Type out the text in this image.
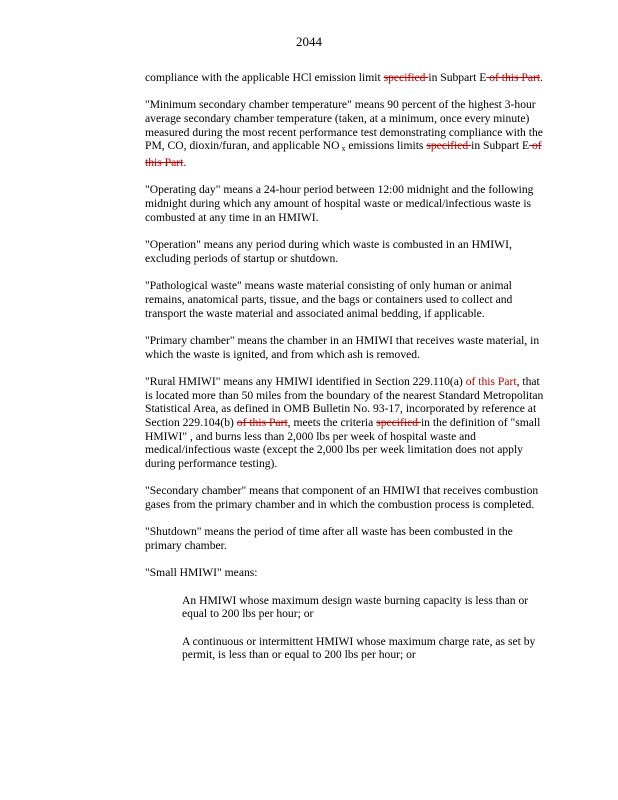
2044

compliance with the applicable HCl emission limit specified in Subpart E of this Part.

"Minimum secondary chamber temperature" means 90 percent of the highest 3-hour average secondary chamber temperature (taken, at a minimum, once every minute) measured during the most recent performance test demonstrating compliance with the PM, CO, dioxin/furan, and applicable NO $_x$ emissions limits specified in Subpart E of this Part.

"Operating day" means a 24-hour period between 12:00 midnight and the following midnight during which any amount of hospital waste or medical/infectious waste is combusted at any time in an HMIWI.

"Operation" means any period during which waste is combusted in an HMIWI, excluding periods of startup or shutdown.

"Pathological waste" means waste material consisting of only human or animal remains, anatomical parts, tissue, and the bags or containers used to collect and transport the waste material and associated animal bedding, if applicable.

"Primary chamber" means the chamber in an HMIWI that receives waste material, in which the waste is ignited, and from which ash is removed.

"Rural HMIWI" means any HMIWI identified in Section 229.110(a) of this Part, that is located more than 50 miles from the boundary of the nearest Standard Metropolitan Statistical Area, as defined in OMB Bulletin No. 93-17, incorporated by reference at Section 229.104(b) of this Part, meets the criteria specified in the definition of "small HMIWI" , and burns less than 2,000 lbs per week of hospital waste and medical/infectious waste (except the 2,000 lbs per week limitation does not apply during performance testing).

"Secondary chamber" means that component of an HMIWI that receives combustion gases from the primary chamber and in which the combustion process is completed.

"Shutdown" means the period of time after all waste has been combusted in the primary chamber.

"Small HMIWI" means:

An HMIWI whose maximum design waste burning capacity is less than or equal to 200 lbs per hour; or

A continuous or intermittent HMIWI whose maximum charge rate, as set by permit, is less than or equal to 200 lbs per hour; or
